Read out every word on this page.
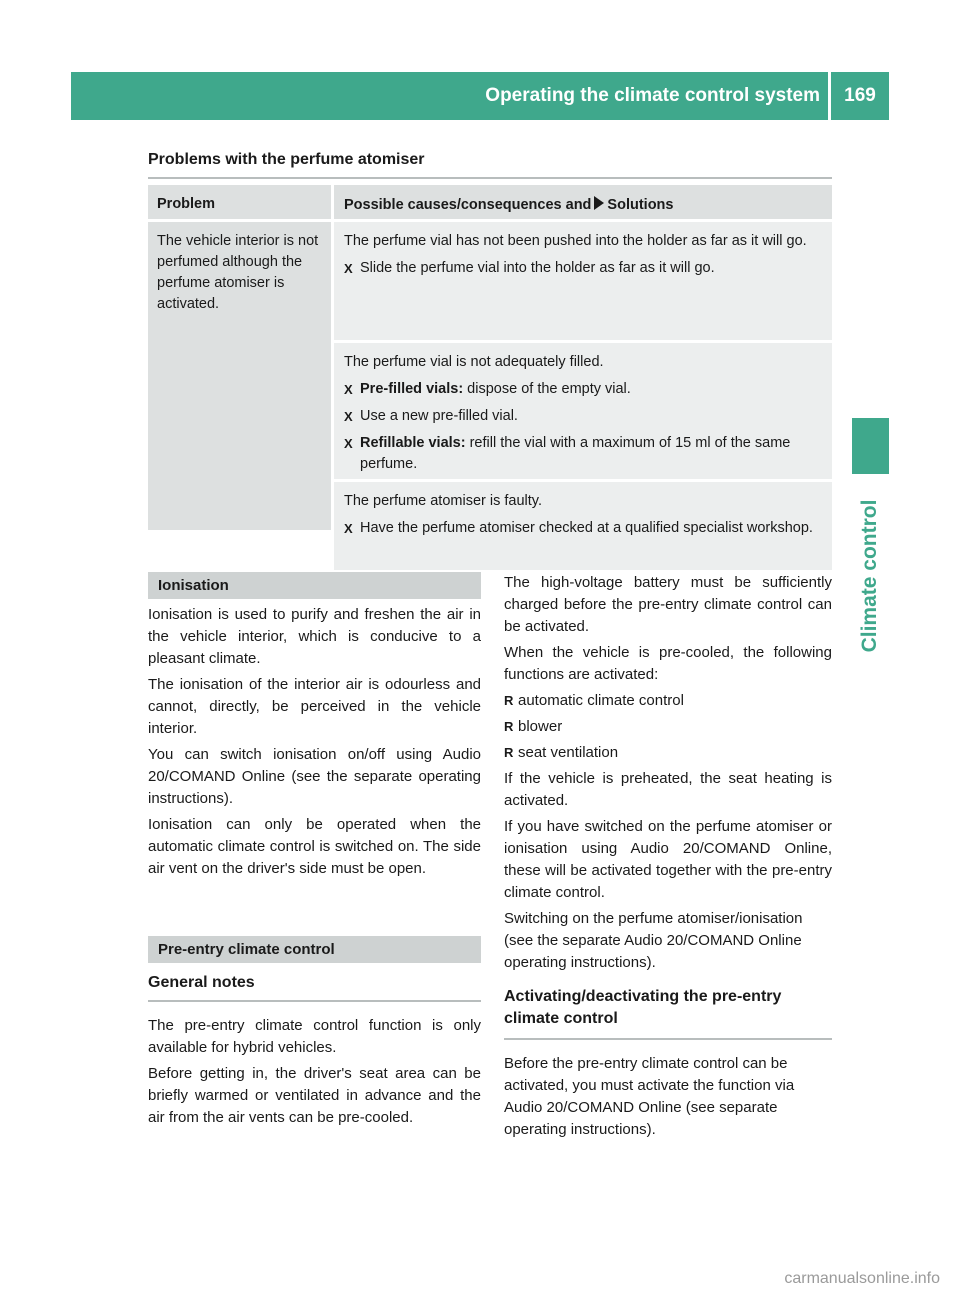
Operating the climate control system	169
Climate control
Problems with the perfume atomiser
Problem	Possible causes/consequences and Solutions
The vehicle interior is not perfumed although the perfume atomiser is activated.
The perfume vial has not been pushed into the holder as far as it will go.
X Slide the perfume vial into the holder as far as it will go.
The perfume vial is not adequately filled.
X Pre-filled vials: dispose of the empty vial.
X Use a new pre-filled vial.
X Refillable vials: refill the vial with a maximum of 15 ml of the same perfume.
The perfume atomiser is faulty.
X Have the perfume atomiser checked at a qualified specialist workshop.
Ionisation

Ionisation is used to purify and freshen the air in the vehicle interior, which is conducive to a pleasant climate.

The ionisation of the interior air is odourless and cannot, directly, be perceived in the vehicle interior.

You can switch ionisation on/off using Audio 20/COMAND Online (see the separate operating instructions).

Ionisation can only be operated when the automatic climate control is switched on. The side air vent on the driver's side must be open.

Pre-entry climate control
General notes

The pre-entry climate control function is only available for hybrid vehicles.

Before getting in, the driver's seat area can be briefly warmed or ventilated in advance and the air from the air vents can be pre-cooled.

The high-voltage battery must be sufficiently charged before the pre-entry climate control can be activated.

When the vehicle is pre-cooled, the following functions are activated:

R automatic climate control
R blower
R seat ventilation

If the vehicle is preheated, the seat heating is activated.

If you have switched on the perfume atomiser or ionisation using Audio 20/COMAND Online, these will be activated together with the pre-entry climate control.

Switching on the perfume atomiser/ionisation (see the separate Audio 20/COMAND Online operating instructions).

Activating/deactivating the pre-entry climate control

Before the pre-entry climate control can be activated, you must activate the function via Audio 20/COMAND Online (see separate operating instructions).

carmanualsonline.info
